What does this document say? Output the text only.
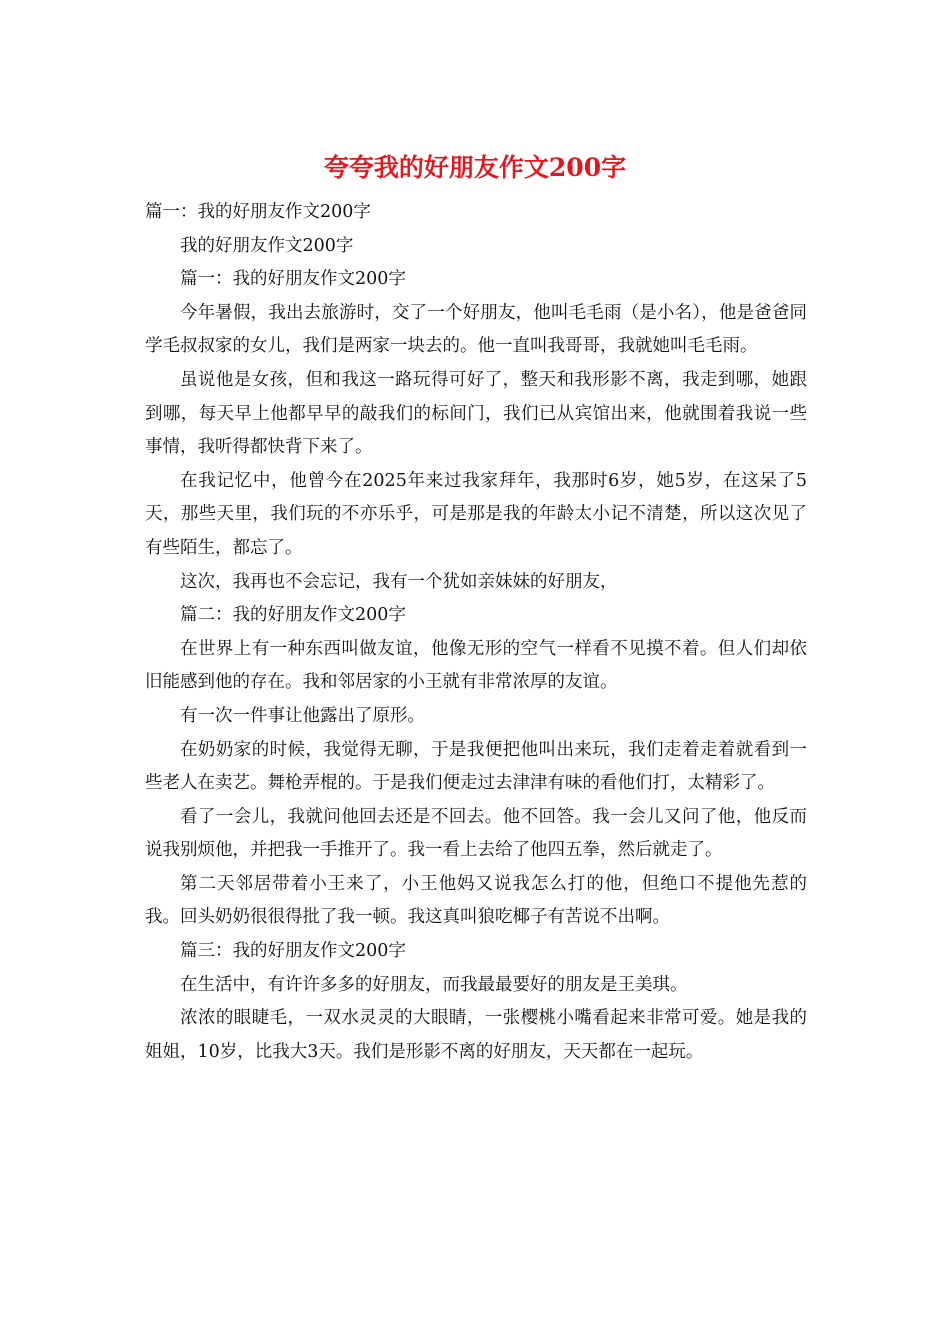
夸夸我的好朋友作文200字

篇一：我的好朋友作文200字

我的好朋友作文200字

篇一：我的好朋友作文200字

今年暑假，我出去旅游时，交了一个好朋友，他叫毛毛雨（是小名），他是爸爸同学毛叔叔家的女儿，我们是两家一块去的。他一直叫我哥哥，我就她叫毛毛雨。

虽说他是女孩，但和我这一路玩得可好了，整天和我形影不离，我走到哪，她跟到哪，每天早上他都早早的敲我们的标间门，我们已从宾馆出来，他就围着我说一些事情，我听得都快背下来了。

在我记忆中，他曾今在2025年来过我家拜年，我那时6岁，她5岁，在这呆了5天，那些天里，我们玩的不亦乐乎，可是那是我的年龄太小记不清楚，所以这次见了有些陌生，都忘了。

这次，我再也不会忘记，我有一个犹如亲妹妹的好朋友，

篇二：我的好朋友作文200字

在世界上有一种东西叫做友谊，他像无形的空气一样看不见摸不着。但人们却依旧能感到他的存在。我和邻居家的小王就有非常浓厚的友谊。

有一次一件事让他露出了原形。

在奶奶家的时候，我觉得无聊，于是我便把他叫出来玩，我们走着走着就看到一些老人在卖艺。舞枪弄棍的。于是我们便走过去津津有味的看他们打，太精彩了。

看了一会儿，我就问他回去还是不回去。他不回答。我一会儿又问了他，他反而说我别烦他，并把我一手推开了。我一看上去给了他四五拳，然后就走了。

第二天邻居带着小王来了，小王他妈又说我怎么打的他，但绝口不提他先惹的我。回头奶奶很很得批了我一顿。我这真叫狼吃椰子有苦说不出啊。

篇三：我的好朋友作文200字

在生活中，有许许多多的好朋友，而我最最要好的朋友是王美琪。

浓浓的眼睫毛，一双水灵灵的大眼睛，一张樱桃小嘴看起来非常可爱。她是我的姐姐，10岁，比我大3天。我们是形影不离的好朋友，天天都在一起玩。
